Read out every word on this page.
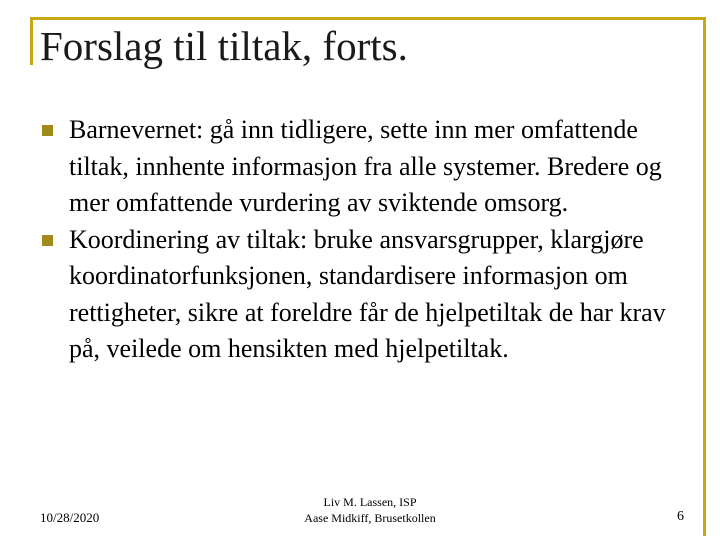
Forslag til tiltak, forts.
Barnevernet: gå inn tidligere, sette inn mer omfattende tiltak, innhente informasjon fra alle systemer. Bredere og mer omfattende vurdering av sviktende omsorg.
Koordinering av tiltak: bruke ansvarsgrupper, klargjøre koordinatorfunksjonen, standardisere informasjon om rettigheter, sikre at foreldre får de hjelpetiltak de har krav på, veilede om hensikten med hjelpetiltak.
10/28/2020
Liv M. Lassen, ISP
Aase Midkiff, Brusetkollen	6
